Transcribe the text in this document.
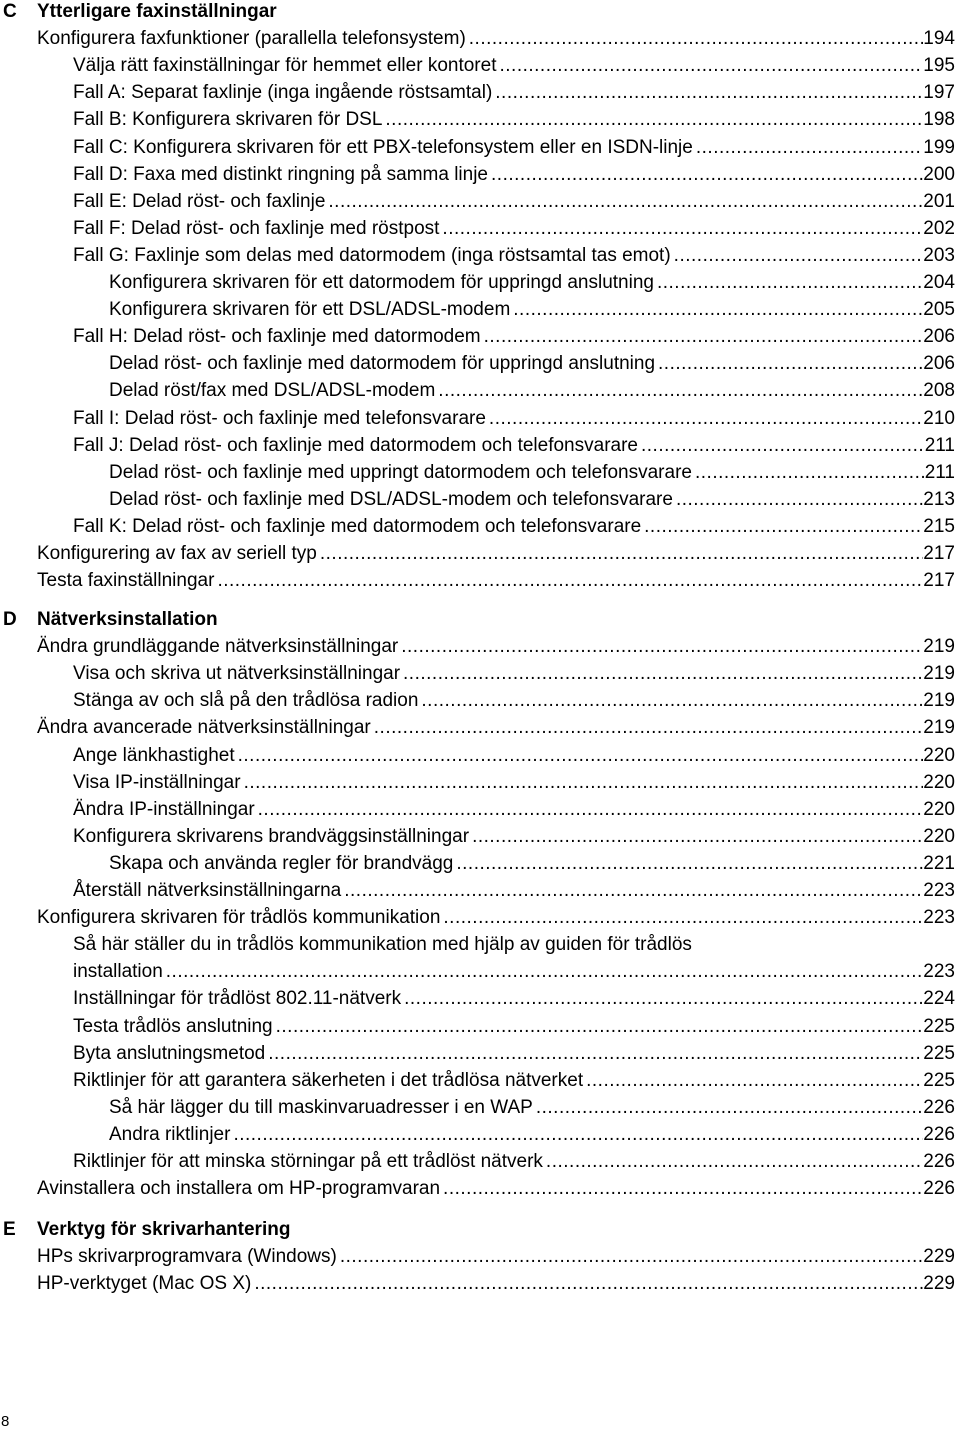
C Ytterligare faxinställningar
Konfigurera faxfunktioner (parallella telefonsystem) .....	194
Välja rätt faxinställningar för hemmet eller kontoret .....	195
Fall A: Separat faxlinje (inga ingående röstsamtal) .....	197
Fall B: Konfigurera skrivaren för DSL .....	198
Fall C: Konfigurera skrivaren för ett PBX-telefonsystem eller en ISDN-linje .....	199
Fall D: Faxa med distinkt ringning på samma linje .....	200
Fall E: Delad röst- och faxlinje .....	201
Fall F: Delad röst- och faxlinje med röstpost .....	202
Fall G: Faxlinje som delas med datormodem (inga röstsamtal tas emot) .....	203
Konfigurera skrivaren för ett datormodem för uppringd anslutning .....	204
Konfigurera skrivaren för ett DSL/ADSL-modem .....	205
Fall H: Delad röst- och faxlinje med datormodem .....	206
Delad röst- och faxlinje med datormodem för uppringd anslutning .....	206
Delad röst/fax med DSL/ADSL-modem .....	208
Fall I: Delad röst- och faxlinje med telefonsvarare .....	210
Fall J: Delad röst- och faxlinje med datormodem och telefonsvarare .....	211
Delad röst- och faxlinje med uppringt datormodem och telefonsvarare .....	211
Delad röst- och faxlinje med DSL/ADSL-modem och telefonsvarare .....	213
Fall K: Delad röst- och faxlinje med datormodem och telefonsvarare .....	215
Konfigurering av fax av seriell typ .....	217
Testa faxinställningar .....	217
D Nätverksinstallation
Ändra grundläggande nätverksinställningar .....	219
Visa och skriva ut nätverksinställningar .....	219
Stänga av och slå på den trådlösa radion .....	219
Ändra avancerade nätverksinställningar .....	219
Ange länkhastighet .....	220
Visa IP-inställningar .....	220
Ändra IP-inställningar .....	220
Konfigurera skrivarens brandväggsinställningar .....	220
Skapa och använda regler för brandvägg .....	221
Återställ nätverksinställningarna .....	223
Konfigurera skrivaren för trådlös kommunikation .....	223
Så här ställer du in trådlös kommunikation med hjälp av guiden för trådlös
installation .....	223
Inställningar för trådlöst 802.11-nätverk .....	224
Testa trådlös anslutning .....	225
Byta anslutningsmetod .....	225
Riktlinjer för att garantera säkerheten i det trådlösa nätverket .....	225
Så här lägger du till maskinvaruadresser i en WAP .....	226
Andra riktlinjer .....	226
Riktlinjer för att minska störningar på ett trådlöst nätverk .....	226
Avinstallera och installera om HP-programvaran .....	226
E Verktyg för skrivarhantering
HPs skrivarprogramvara (Windows) .....	229
HP-verktyget (Mac OS X) .....	229
8
